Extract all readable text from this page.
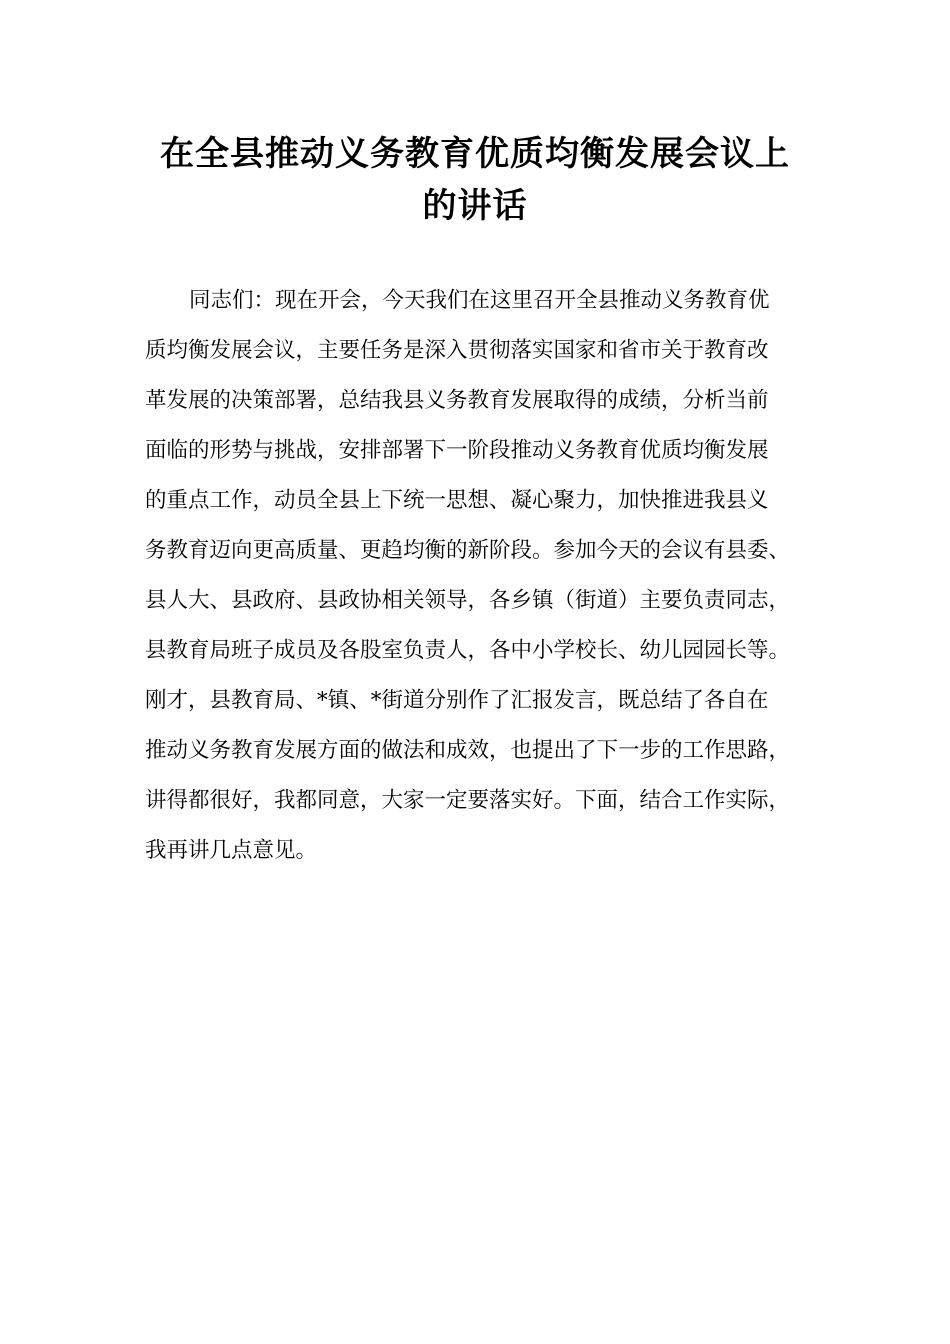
在全县推动义务教育优质均衡发展会议上
的讲话
同志们：现在开会，今天我们在这里召开全县推动义务教育优
质均衡发展会议，主要任务是深入贯彻落实国家和省市关于教育改
革发展的决策部署，总结我县义务教育发展取得的成绩，分析当前
面临的形势与挑战，安排部署下一阶段推动义务教育优质均衡发展
的重点工作，动员全县上下统一思想、凝心聚力，加快推进我县义
务教育迈向更高质量、更趋均衡的新阶段。参加今天的会议有县委、
县人大、县政府、县政协相关领导，各乡镇（街道）主要负责同志，
县教育局班子成员及各股室负责人，各中小学校长、幼儿园园长等。
刚才，县教育局、*镇、*街道分别作了汇报发言，既总结了各自在
推动义务教育发展方面的做法和成效，也提出了下一步的工作思路，
讲得都很好，我都同意，大家一定要落实好。下面，结合工作实际，
我再讲几点意见。
